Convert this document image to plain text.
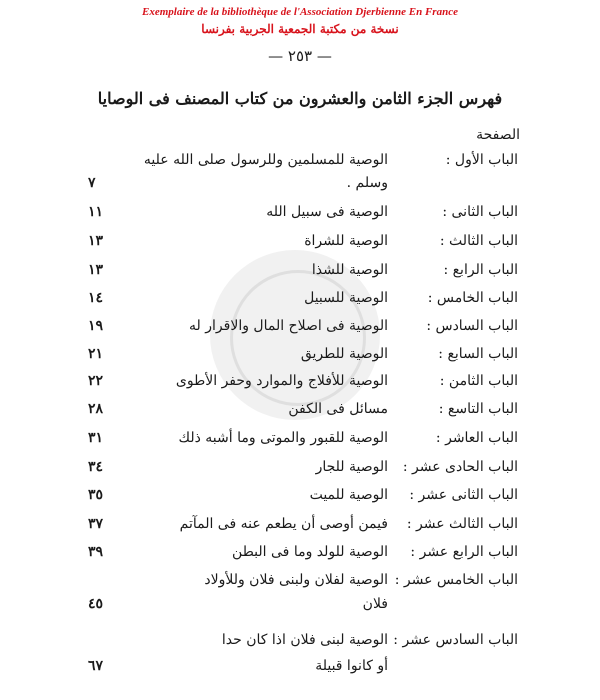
Exemplaire de la bibliothèque de l'Association Djerbienne En France
نسخة من مكتبة الجمعية الجربية بفرنسا
— ٢٥٣ —
فهرس الجزء الثامن والعشرون من كتاب المصنف فى الوصايا
الصفحة
الباب الأول :
الوصية للمسلمين وللرسول صلى الله عليه
وسلم .
٧
الباب الثانى :
الوصية فى سبيل الله
١١
الباب الثالث :
الوصية للشراة
١٣
الباب الرابع :
الوصية للشذا
١٣
الباب الخامس :
الوصية للسبيل
١٤
الباب السادس :
الوصية فى اصلاح المال والاقرار له
١٩
الباب السابع :
الوصية للطريق
٢١
الباب الثامن :
الوصية للأفلاج والموارد وحفر الأطوى
٢٢
الباب التاسع :
مسائل فى الكفن
٢٨
الباب العاشر :
الوصية للقبور والموتى وما أشبه ذلك
٣١
الباب الحادى عشر :
الوصية للجار
٣٤
الباب الثانى عشر :
الوصية للميت
٣٥
الباب الثالث عشر :
فيمن أوصى أن يطعم عنه فى المآتم
٣٧
الباب الرابع عشر :
الوصية للولد وما فى البطن
٣٩
الباب الخامس عشر :
الوصية لفلان ولبنى فلان وللأولاد
فلان
٤٥
الباب السادس عشر :
الوصية لبنى فلان اذا كان حدا
أو كانوا قبيلة
٦٧
